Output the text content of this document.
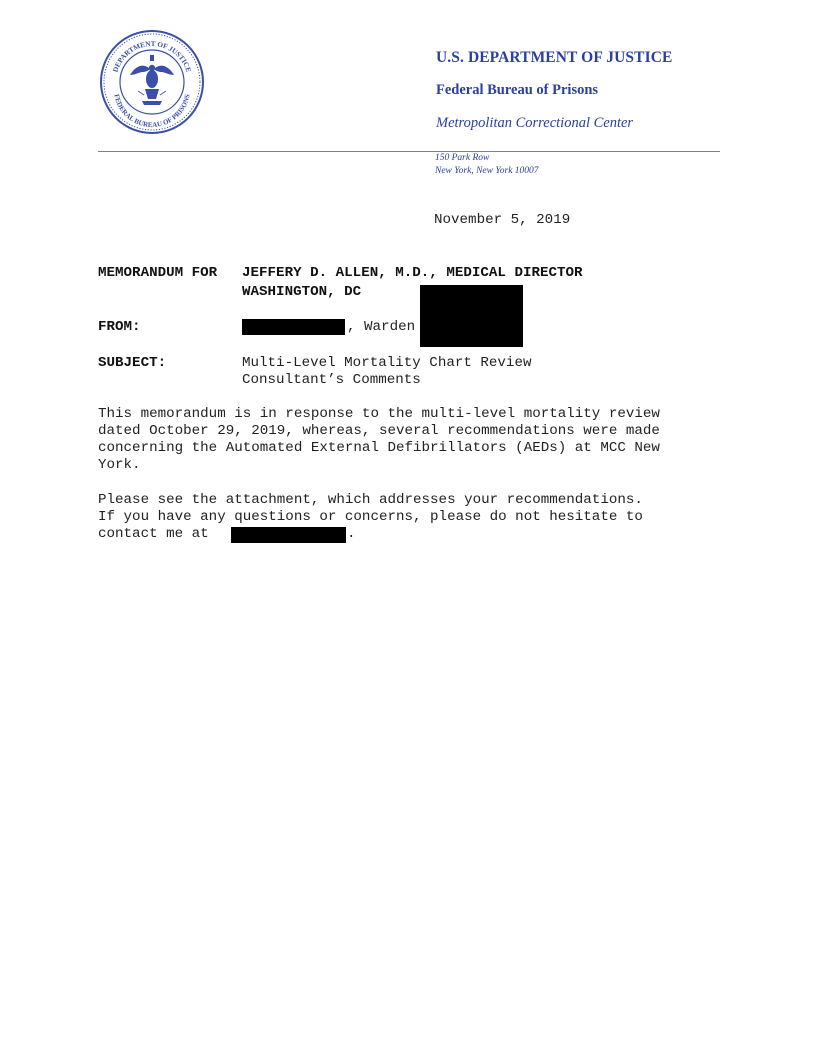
DEPARTMENT OF JUSTICE
FEDERAL BUREAU OF PRISONS
U.S. DEPARTMENT OF JUSTICE
Federal Bureau of Prisons
Metropolitan Correctional Center
150 Park Row
New York, New York 10007
November 5, 2019
MEMORANDUM FOR JEFFERY D. ALLEN, M.D., MEDICAL DIRECTOR
WASHINGTON, DC
FROM:	, Warden
SUBJECT:	Multi-Level Mortality Chart Review
Consultant’s Comments
This memorandum is in response to the multi-level mortality review
dated October 29, 2019, whereas, several recommendations were made
concerning the Automated External Defibrillators (AEDs) at MCC New
York.
Please see the attachment, which addresses your recommendations.
If you have any questions or concerns, please do not hesitate to
contact me at	.
